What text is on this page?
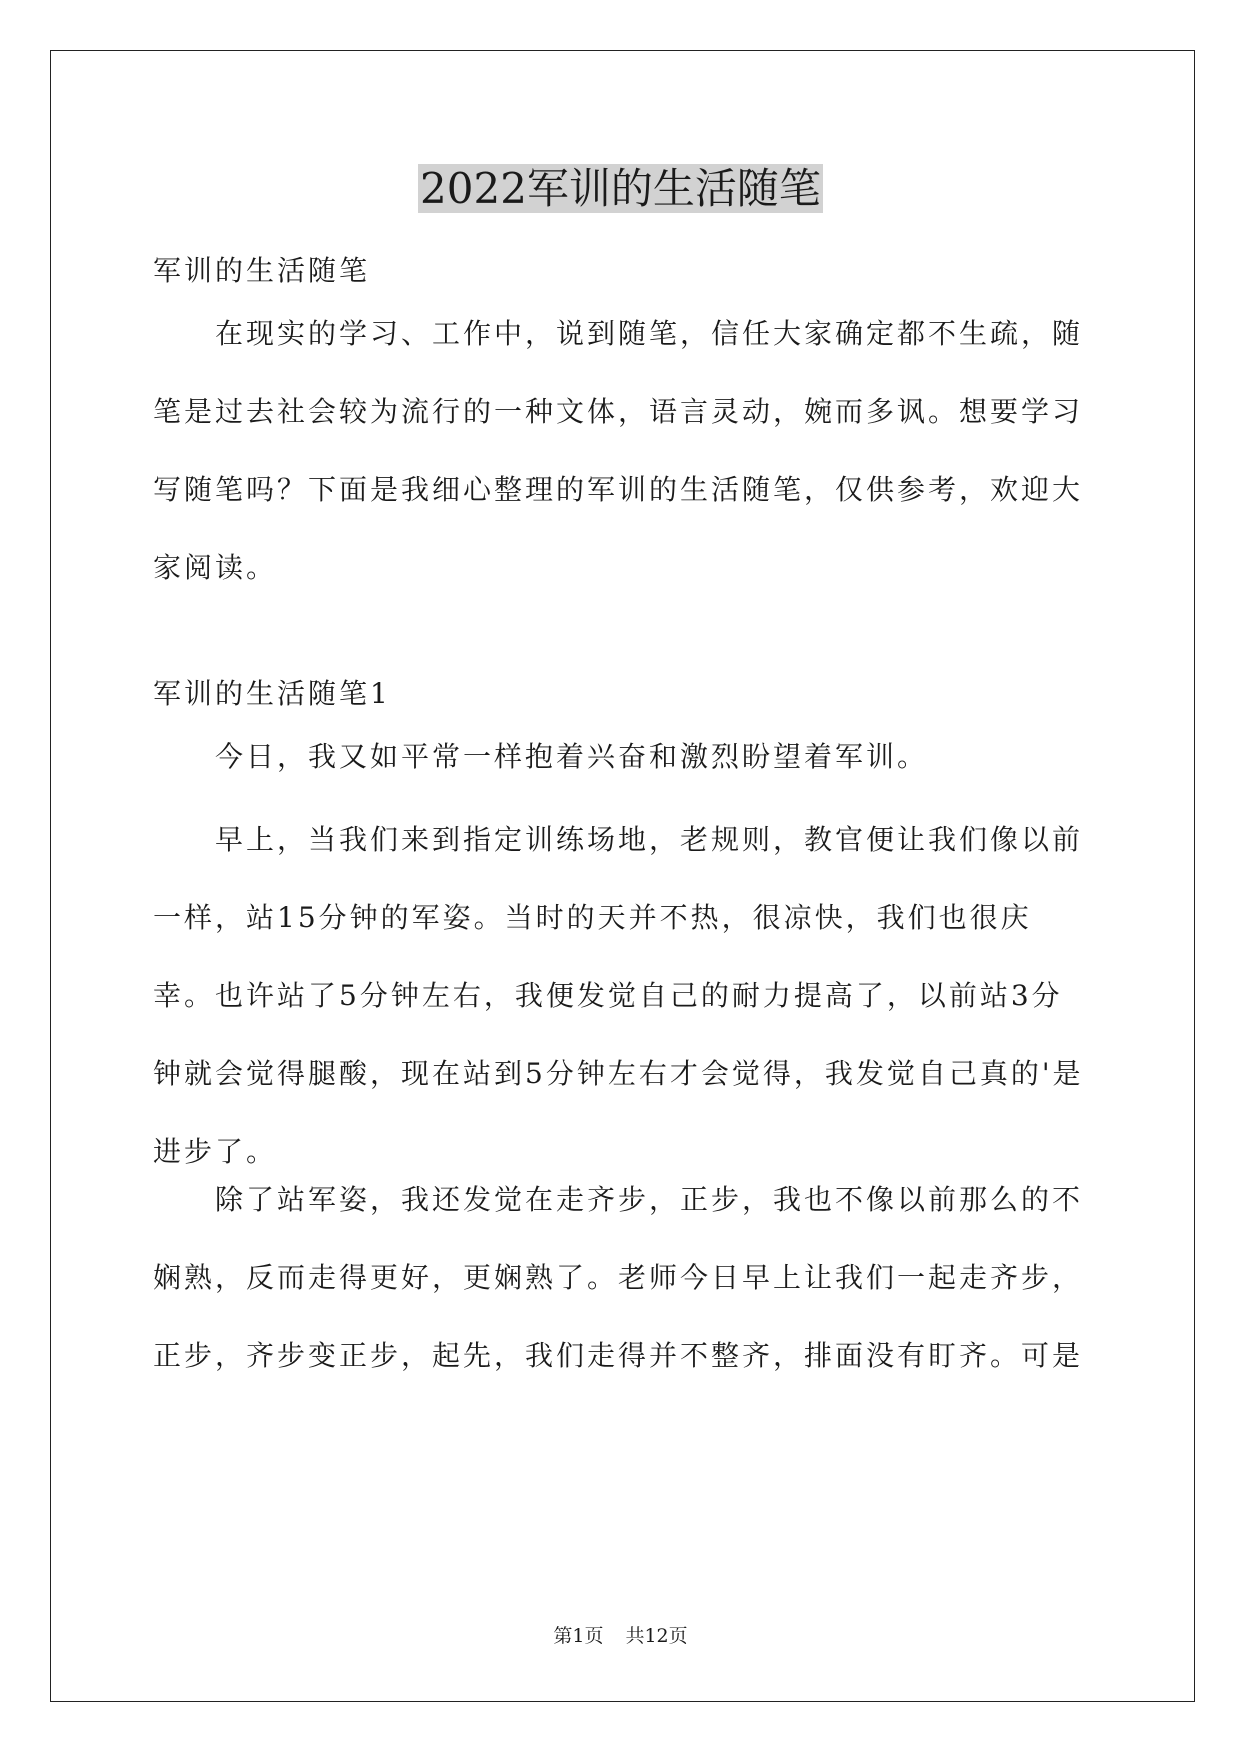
2022军训的生活随笔

军训的生活随笔

在现实的学习、工作中，说到随笔，信任大家确定都不生疏，随笔是过去社会较为流行的一种文体，语言灵动，婉而多讽。想要学习写随笔吗？下面是我细心整理的军训的生活随笔，仅供参考，欢迎大家阅读。

军训的生活随笔1

今日，我又如平常一样抱着兴奋和激烈盼望着军训。

早上，当我们来到指定训练场地，老规则，教官便让我们像以前一样，站15分钟的军姿。当时的天并不热，很凉快，我们也很庆幸。也许站了5分钟左右，我便发觉自己的耐力提高了，以前站3分钟就会觉得腿酸，现在站到5分钟左右才会觉得，我发觉自己真的'是进步了。

除了站军姿，我还发觉在走齐步，正步，我也不像以前那么的不娴熟，反而走得更好，更娴熟了。老师今日早上让我们一起走齐步，正步，齐步变正步，起先，我们走得并不整齐，排面没有盯齐。可是

第1页 共12页
